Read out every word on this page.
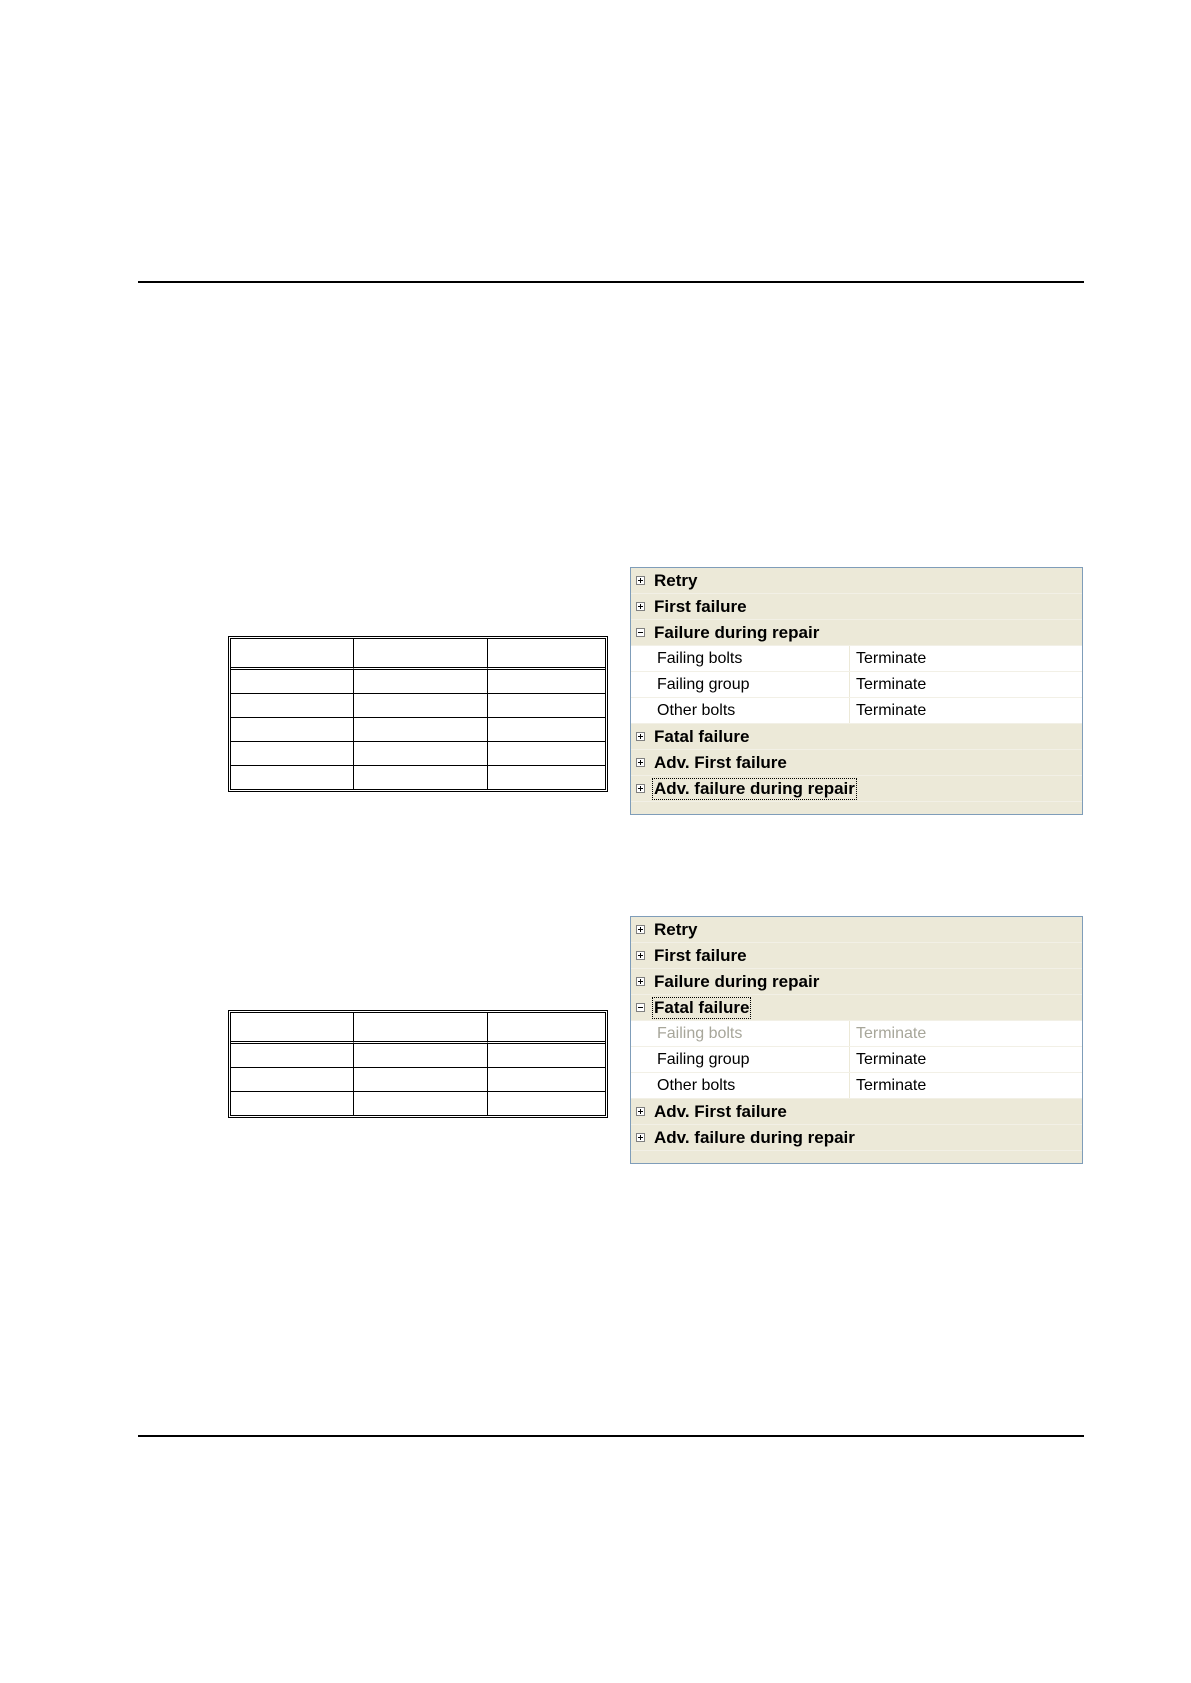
Retry
First failure
Failure during repair
Failing bolts	Terminate
Failing group	Terminate
Other bolts	Terminate
Fatal failure
Adv. First failure
Adv. failure during repair

Retry
First failure
Failure during repair
Fatal failure
Failing bolts	Terminate
Failing group	Terminate
Other bolts	Terminate
Adv. First failure
Adv. failure during repair
